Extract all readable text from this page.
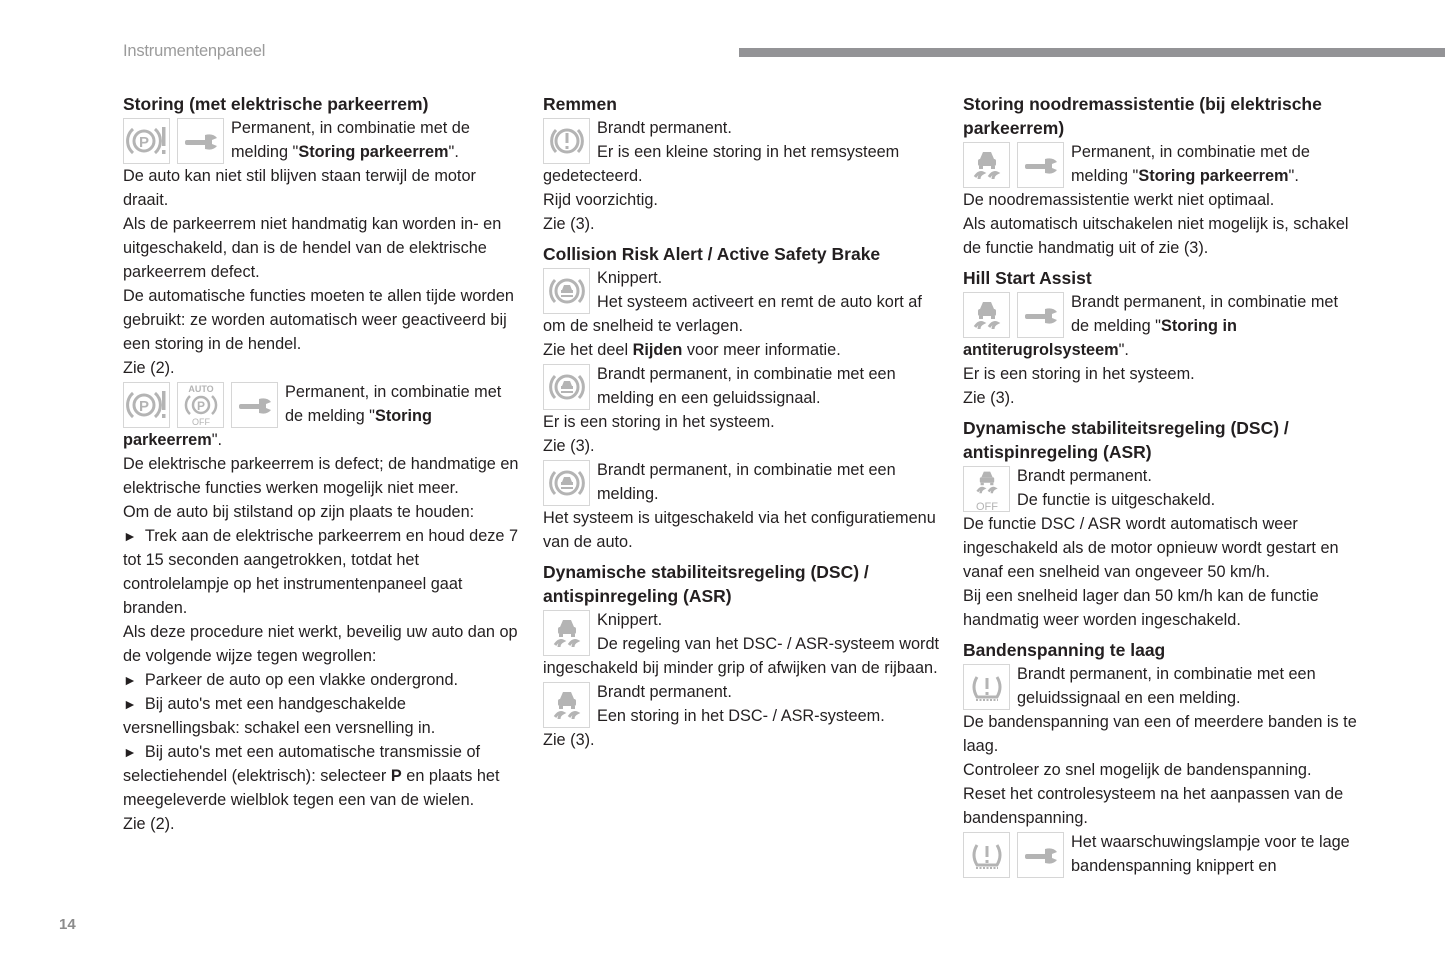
Instrumentenpaneel
14
Storing (met elektrische parkeerrem)

Permanent, in combinatie met de
melding "Storing parkeerrem".

De auto kan niet stil blijven staan terwijl de motor draait.

Als de parkeerrem niet handmatig kan worden in- en uitgeschakeld, dan is de hendel van de elektrische parkeerrem defect.

De automatische functies moeten te allen tijde worden gebruikt: ze worden automatisch weer geactiveerd bij een storing in de hendel.

Zie (2).

AUTO
P
OFF

Permanent, in combinatie met
de melding "Storing

parkeerrem".

De elektrische parkeerrem is defect; de handmatige en elektrische functies werken mogelijk niet meer.

Om de auto bij stilstand op zijn plaats te houden:

► Trek aan de elektrische parkeerrem en houd deze 7 tot 15 seconden aangetrokken, totdat het controlelampje op het instrumentenpaneel gaat branden.

Als deze procedure niet werkt, beveilig uw auto dan op de volgende wijze tegen wegrollen:

► Parkeer de auto op een vlakke ondergrond.

► Bij auto's met een handgeschakelde versnellingsbak: schakel een versnelling in.

► Bij auto's met een automatische transmissie of selectiehendel (elektrisch): selecteer P en plaats het meegeleverde wielblok tegen een van de wielen.

Zie (2).

Remmen

Brandt permanent.
Er is een kleine storing in het remsysteem gedetecteerd.

Rijd voorzichtig.

Zie (3).

Collision Risk Alert / Active Safety Brake

Knippert.
Het systeem activeert en remt de auto kort af om de snelheid te verlagen.

Zie het deel Rijden voor meer informatie.

Brandt permanent, in combinatie met een melding en een geluidssignaal.

Er is een storing in het systeem.

Zie (3).

Brandt permanent, in combinatie met een melding.

Het systeem is uitgeschakeld via het configuratiemenu van de auto.

Dynamische stabiliteitsregeling (DSC) / antispinregeling (ASR)

Knippert.
De regeling van het DSC- / ASR-systeem wordt ingeschakeld bij minder grip of afwijken van de rijbaan.

Brandt permanent.
Een storing in het DSC- / ASR-systeem.

Zie (3).

Storing noodremassistentie (bij elektrische parkeerrem)

Permanent, in combinatie met de
melding "Storing parkeerrem".

De noodremassistentie werkt niet optimaal.

Als automatisch uitschakelen niet mogelijk is, schakel de functie handmatig uit of zie (3).

Hill Start Assist

Brandt permanent, in combinatie met
de melding "Storing in

antiterugrolsysteem".

Er is een storing in het systeem.

Zie (3).

Dynamische stabiliteitsregeling (DSC) / antispinregeling (ASR)
OFF

Brandt permanent.
De functie is uitgeschakeld.

De functie DSC / ASR wordt automatisch weer ingeschakeld als de motor opnieuw wordt gestart en vanaf een snelheid van ongeveer 50 km/h.

Bij een snelheid lager dan 50 km/h kan de functie handmatig weer worden ingeschakeld.

Bandenspanning te laag

Brandt permanent, in combinatie met een geluidssignaal en een melding.

De bandenspanning van een of meerdere banden is te laag.

Controleer zo snel mogelijk de bandenspanning.

Reset het controlesysteem na het aanpassen van de bandenspanning.

Het waarschuwingslampje voor te lage bandenspanning knippert en
